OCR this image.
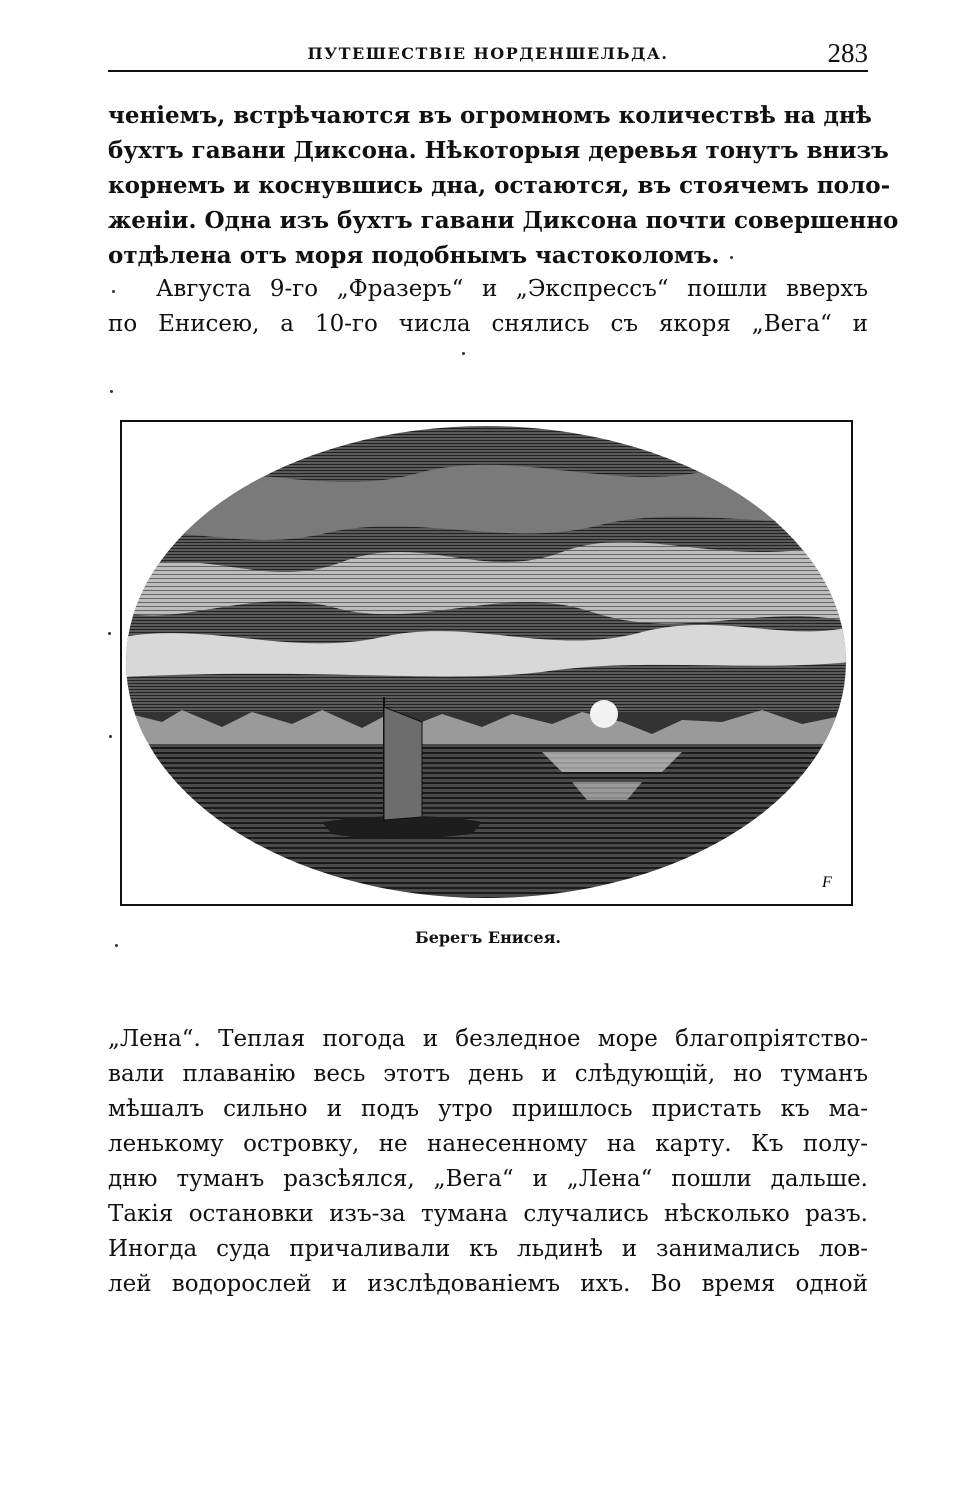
ПУТЕШЕСТВІЕ НОРДЕНШЕЛЬДА.	283
ченіемъ, встрѣчаются въ огромномъ количествѣ на днѣ
бухтъ гавани Диксона. Нѣкоторыя деревья тонутъ внизъ
корнемъ и коснувшись дна, остаются, въ стоячемъ поло-
женіи. Одна изъ бухтъ гавани Диксона почти совершенно
отдѣлена отъ моря подобнымъ частоколомъ.
Августа 9-го „Фразеръ“ и „Экспрессъ“ пошли вверхъ
по Енисею, а 10-го числа снялись съ якоря „Вега“ и
F
Берегъ Енисея.
„Лена“. Теплая погода и безледное море благопріятство-
вали плаванію весь этотъ день и слѣдующій, но туманъ
мѣшалъ сильно и подъ утро пришлось пристать къ ма-
ленькому островку, не нанесенному на карту. Къ полу-
дню туманъ разсѣялся, „Вега“ и „Лена“ пошли дальше.
Такія остановки изъ-за тумана случались нѣсколько разъ.
Иногда суда причаливали къ льдинѣ и занимались лов-
лей водорослей и изслѣдованіемъ ихъ. Во время одной
